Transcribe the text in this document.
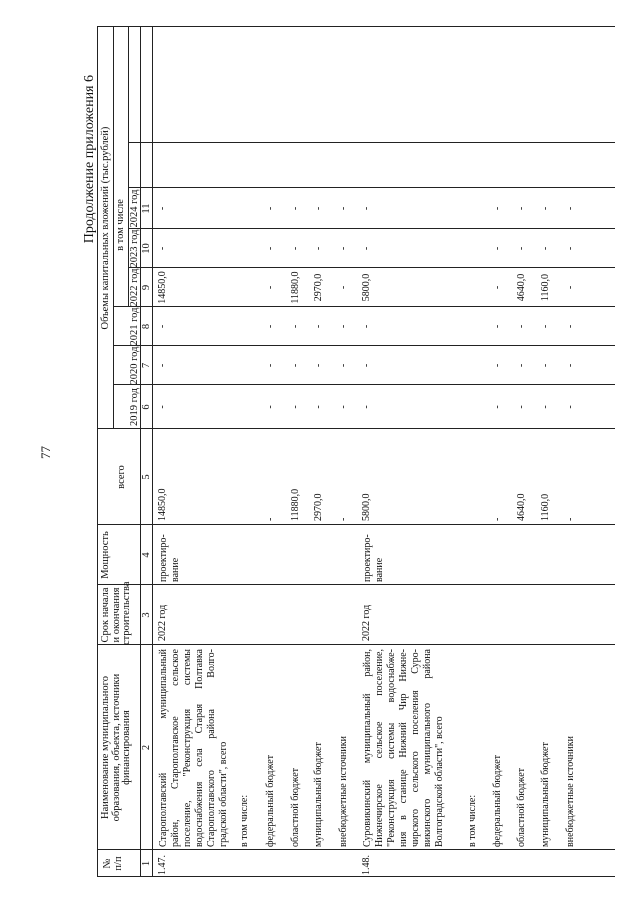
77
Продолжение приложения 6
№ п/п
Наименование муниципального образования, объекта, источники финансирования
Срок начала и окончания строительства
Мощность
Объемы капитальных вложений (тыс.рублей)
всего
в том числе
2019 год
2020 год
2021 год
2022 год
2023 год
2024 год
1
2
3
4
5
6
7
8
9
10
11
1.47.
Старополтавский муниципальный район, Старополтавское сельское поселение, "Реконструкция системы водоснабжения села Старая Полтавка Старополтавского района Волго- градской области", всего
2022 год
проектиро- вание
14850,0
-
-
-
14850,0
-
-
в том числе: федеральный бюджет
-
-
-
-
-
-
-
областной бюджет
11880,0
-
-
-
11880,0
-
-
муниципальный бюджет
2970,0
-
-
-
2970,0
-
-
внебюджетные источники
-
-
-
-
-
-
-
1.48.
Суровикинский муниципальный район, Нижнечирское сельское поселение, "Реконструкция системы водоснабже- ния в станице Нижний Чир Нижне- чирского сельского поселения Суро- викинского муниципального района Волгоградской области", всего
2022 год
проектиро- вание
5800,0
-
-
-
5800,0
-
-
в том числе: федеральный бюджет
-
-
-
-
-
-
-
областной бюджет
4640,0
-
-
-
4640,0
-
-
муниципальный бюджет
1160,0
-
-
-
1160,0
-
-
внебюджетные источники
-
-
-
-
-
-
-
